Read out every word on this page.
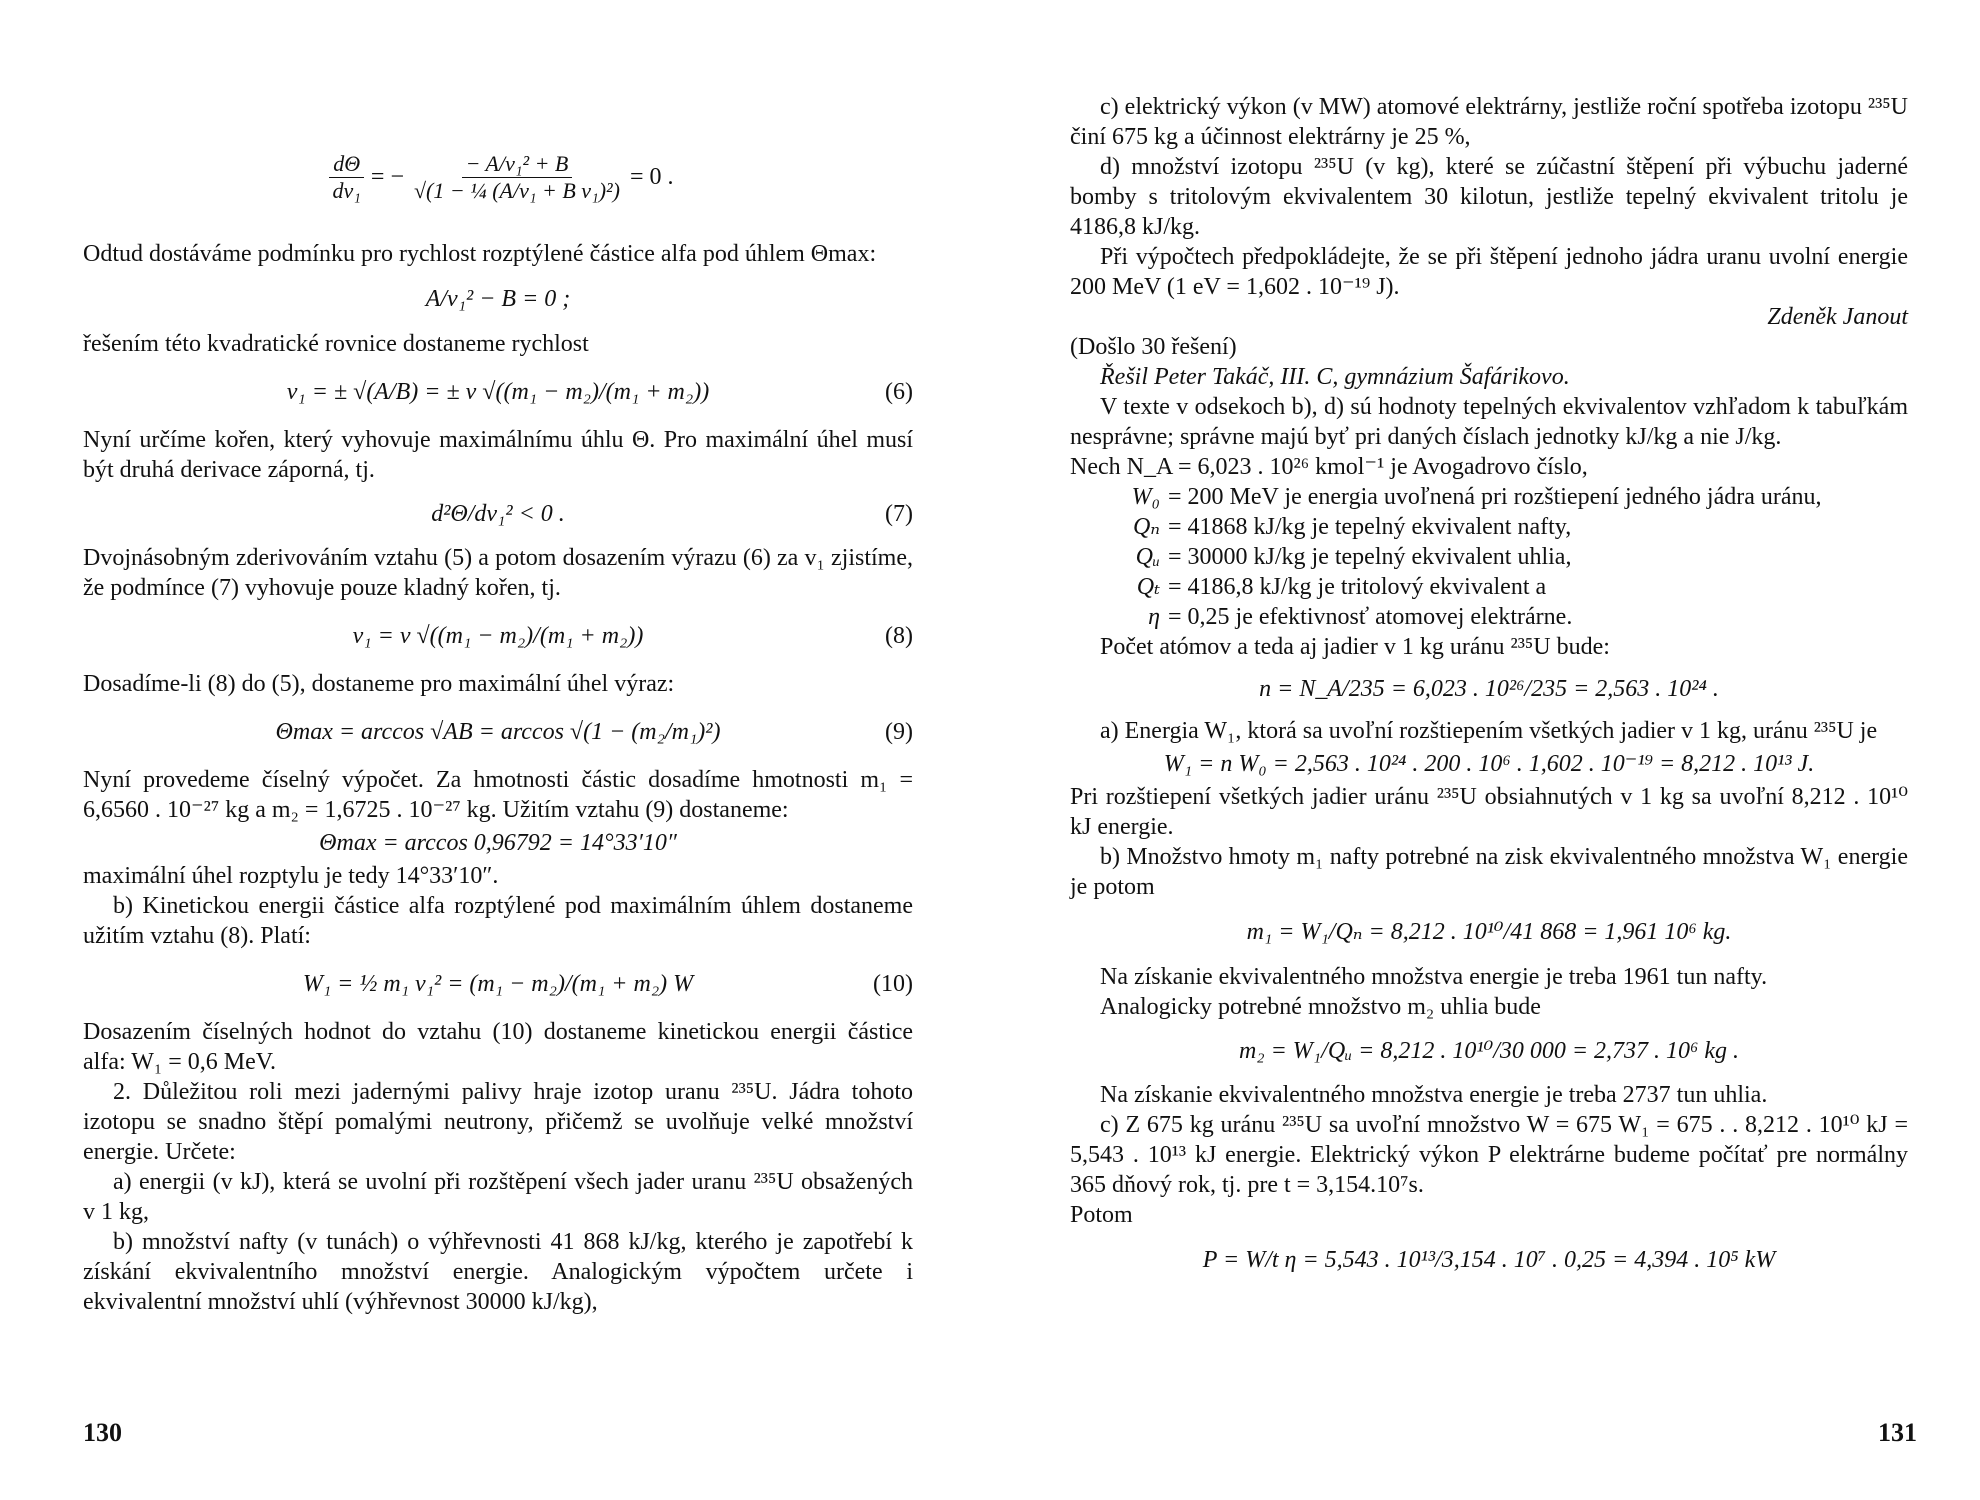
$\frac{d\Theta}{\text{dv₁}}$ = − $\frac{\text{− A/v₁² + B}}{\text{√(1 − ¼ (A/v₁ + B v₁)²)}} = 0$ .

Odtud dostáváme podmínku pro rychlost rozptýlené částice alfa pod úhlem Θmax:

A/v₁² − B = 0 ;

řešením této kvadratické rovnice dostaneme rychlost

v₁ = ± √(A/B) = ± v √((m₁ − m₂)/(m₁ + m₂))	(6)

Nyní určíme kořen, který vyhovuje maximálnímu úhlu Θ. Pro maximální úhel musí být druhá derivace záporná, tj.

d²Θ/dv₁² < 0 .	(7)

Dvojnásobným zderivováním vztahu (5) a potom dosazením výrazu (6) za v₁ zjistíme, že podmínce (7) vyhovuje pouze kladný kořen, tj.

v₁ = v √((m₁ − m₂)/(m₁ + m₂))	(8)

Dosadíme-li (8) do (5), dostaneme pro maximální úhel výraz:

Θmax = arccos √AB = arccos √(1 − (m₂/m₁)²)	(9)

Nyní provedeme číselný výpočet. Za hmotnosti částic dosadíme hmotnosti m₁ = 6,6560 . 10⁻²⁷ kg a m₂ = 1,6725 . 10⁻²⁷ kg. Užitím vztahu (9) dostaneme:

Θmax = arccos 0,96792 = 14°33′10″

maximální úhel rozptylu je tedy 14°33′10″.

b) Kinetickou energii částice alfa rozptýlené pod maximálním úhlem dostaneme užitím vztahu (8). Platí:

W₁ = ½ m₁ v₁² = (m₁ − m₂)/(m₁ + m₂) W	(10)

Dosazením číselných hodnot do vztahu (10) dostaneme kinetickou energii částice alfa: W₁ = 0,6 MeV.

2. Důležitou roli mezi jadernými palivy hraje izotop uranu ²³⁵U. Jádra tohoto izotopu se snadno štěpí pomalými neutrony, přičemž se uvolňuje velké množství energie. Určete:

a) energii (v kJ), která se uvolní při rozštěpení všech jader uranu ²³⁵U obsažených v 1 kg,

b) množství nafty (v tunách) o výhřevnosti 41 868 kJ/kg, kterého je zapotřebí k získání ekvivalentního množství energie. Analogickým výpočtem určete i ekvivalentní množství uhlí (výhřevnost 30000 kJ/kg),

130

c) elektrický výkon (v MW) atomové elektrárny, jestliže roční spotřeba izotopu ²³⁵U činí 675 kg a účinnost elektrárny je 25 %,

d) množství izotopu ²³⁵U (v kg), které se zúčastní štěpení při výbuchu jaderné bomby s tritolovým ekvivalentem 30 kilotun, jestliže tepelný ekvivalent tritolu je 4186,8 kJ/kg.

Při výpočtech předpokládejte, že se při štěpení jednoho jádra uranu uvolní energie 200 MeV (1 eV = 1,602 . 10⁻¹⁹ J).

Zdeněk Janout

(Došlo 30 řešení)

Řešil Peter Takáč, III. C, gymnázium Šafárikovo.

V texte v odsekoch b), d) sú hodnoty tepelných ekvivalentov vzhľadom k tabuľkám nesprávne; správne majú byť pri daných číslach jednotky kJ/kg a nie J/kg.

Nech N_A = 6,023 . 10²⁶ kmol⁻¹ je Avogadrovo číslo,

W₀ = 200 MeV je energia uvoľnená pri rozštiepení jedného jádra uránu,
Qₙ = 41868 kJ/kg je tepelný ekvivalent nafty,
Qᵤ = 30000 kJ/kg je tepelný ekvivalent uhlia,
Qₜ = 4186,8 kJ/kg je tritolový ekvivalent a
η = 0,25 je efektivnosť atomovej elektrárne.

Počet atómov a teda aj jadier v 1 kg uránu ²³⁵U bude:

n = N_A/235 = 6,023 . 10²⁶/235 = 2,563 . 10²⁴ .

a) Energia W₁, ktorá sa uvoľní rozštiepením všetkých jadier v 1 kg, uránu ²³⁵U je

W₁ = n W₀ = 2,563 . 10²⁴ . 200 . 10⁶ . 1,602 . 10⁻¹⁹ = 8,212 . 10¹³ J.

Pri rozštiepení všetkých jadier uránu ²³⁵U obsiahnutých v 1 kg sa uvoľní 8,212 . 10¹⁰ kJ energie.

b) Množstvo hmoty m₁ nafty potrebné na zisk ekvivalentného množstva W₁ energie je potom

m₁ = W₁/Qₙ = 8,212 . 10¹⁰/41 868 = 1,961 10⁶ kg.

Na získanie ekvivalentného množstva energie je treba 1961 tun nafty.

Analogicky potrebné množstvo m₂ uhlia bude

m₂ = W₁/Qᵤ = 8,212 . 10¹⁰/30 000 = 2,737 . 10⁶ kg .

Na získanie ekvivalentného množstva energie je treba 2737 tun uhlia.

c) Z 675 kg uránu ²³⁵U sa uvoľní množstvo W = 675 W₁ = 675 . . 8,212 . 10¹⁰ kJ = 5,543 . 10¹³ kJ energie. Elektrický výkon P elektrárne budeme počítať pre normálny 365 dňový rok, tj. pre t = 3,154.10⁷s.

Potom

P = W/t η = 5,543 . 10¹³/3,154 . 10⁷ . 0,25 = 4,394 . 10⁵ kW
131
